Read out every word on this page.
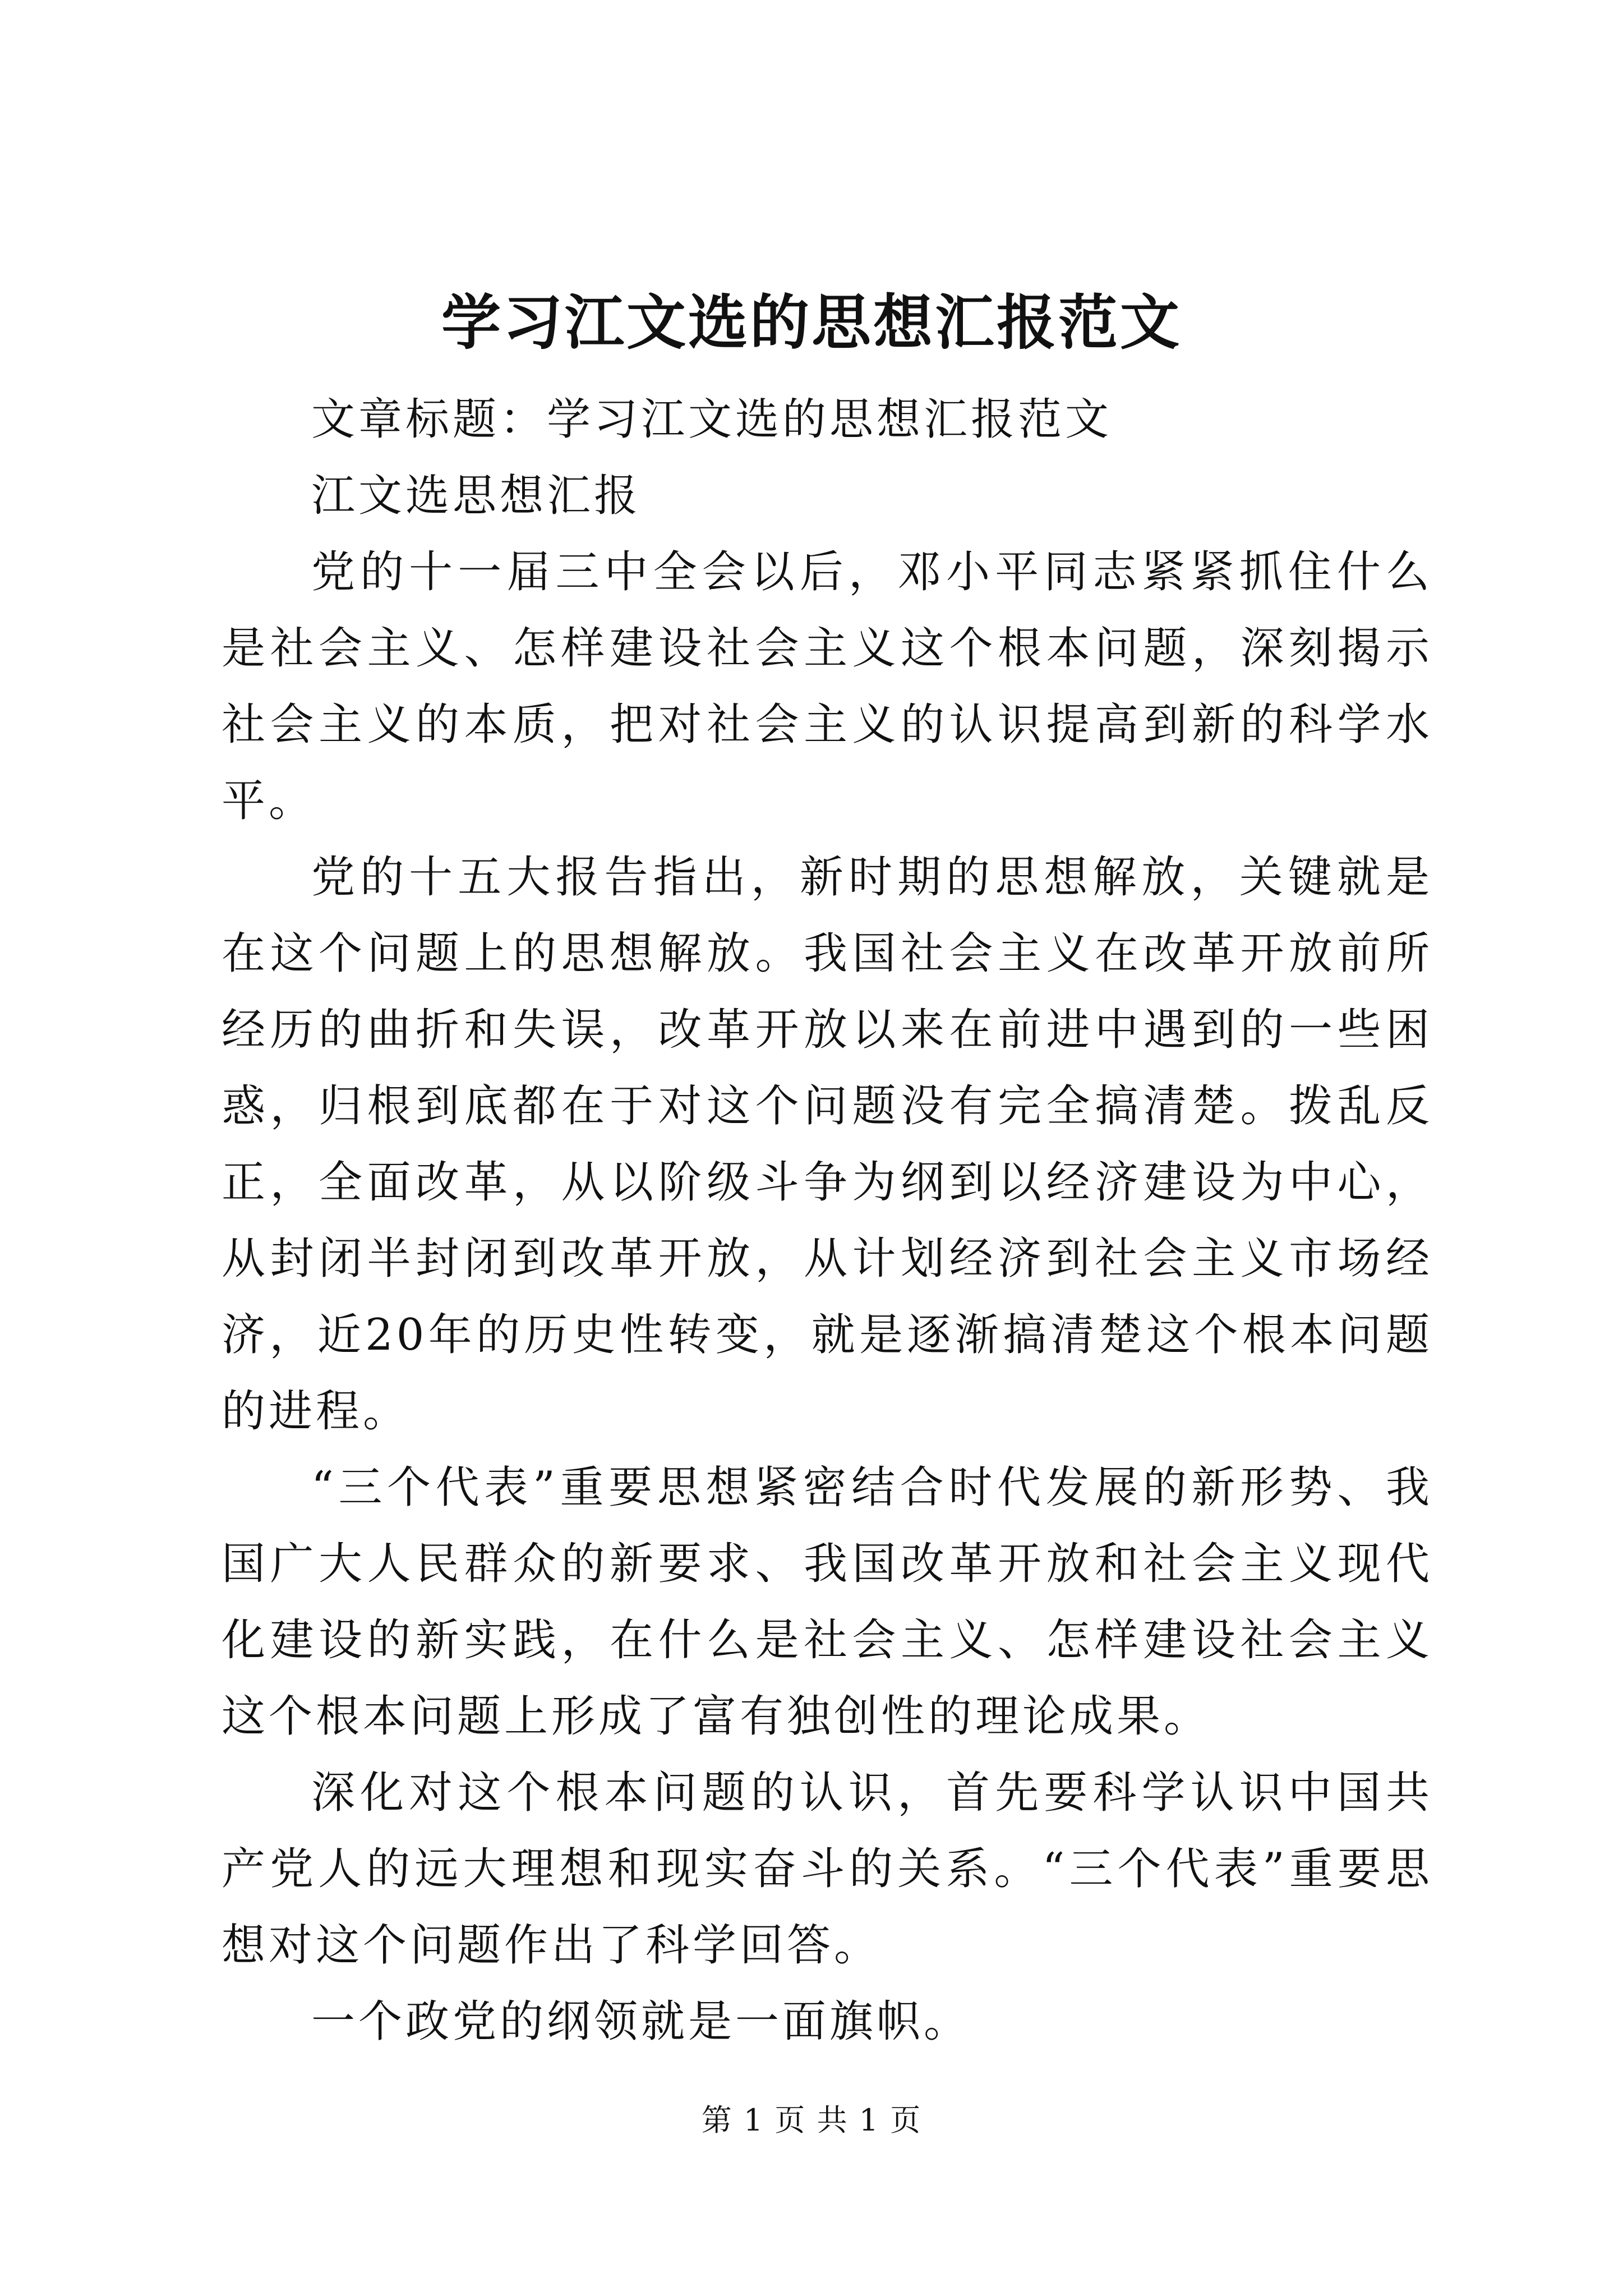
学习江文选的思想汇报范文

文章标题：学习江文选的思想汇报范文

江文选思想汇报

党的十一届三中全会以后，邓小平同志紧紧抓住什么是社会主义、怎样建设社会主义这个根本问题，深刻揭示社会主义的本质，把对社会主义的认识提高到新的科学水平。

党的十五大报告指出，新时期的思想解放，关键就是在这个问题上的思想解放。我国社会主义在改革开放前所经历的曲折和失误，改革开放以来在前进中遇到的一些困惑，归根到底都在于对这个问题没有完全搞清楚。拨乱反正，全面改革，从以阶级斗争为纲到以经济建设为中心，从封闭半封闭到改革开放，从计划经济到社会主义市场经济，近20年的历史性转变，就是逐渐搞清楚这个根本问题的进程。

“三个代表”重要思想紧密结合时代发展的新形势、我国广大人民群众的新要求、我国改革开放和社会主义现代化建设的新实践，在什么是社会主义、怎样建设社会主义这个根本问题上形成了富有独创性的理论成果。

深化对这个根本问题的认识，首先要科学认识中国共产党人的远大理想和现实奋斗的关系。“三个代表”重要思想对这个问题作出了科学回答。

一个政党的纲领就是一面旗帜。

第 1 页 共 1 页
